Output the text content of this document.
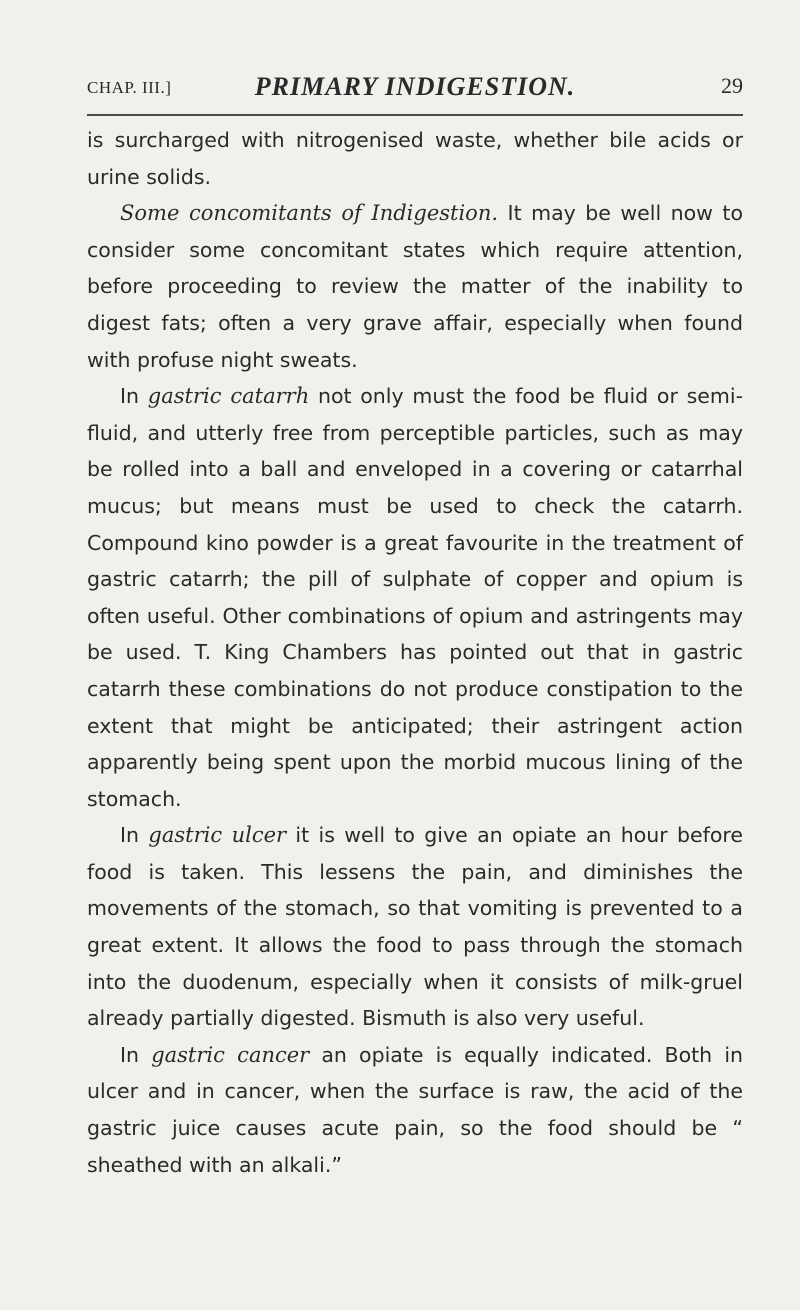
CHAP. III.]	PRIMARY INDIGESTION.	29

is surcharged with nitrogenised waste, whether bile acids or urine solids.

Some concomitants of Indigestion. It may be well now to consider some concomitant states which require attention, before proceeding to review the matter of the inability to digest fats; often a very grave affair, especially when found with profuse night sweats.

In gastric catarrh not only must the food be fluid or semi-fluid, and utterly free from perceptible particles, such as may be rolled into a ball and enveloped in a covering or catarrhal mucus; but means must be used to check the catarrh. Compound kino powder is a great favourite in the treatment of gastric catarrh; the pill of sulphate of copper and opium is often useful. Other combinations of opium and astringents may be used. T. King Chambers has pointed out that in gastric catarrh these combinations do not produce constipation to the extent that might be anticipated; their astringent action apparently being spent upon the morbid mucous lining of the stomach.

In gastric ulcer it is well to give an opiate an hour before food is taken. This lessens the pain, and diminishes the movements of the stomach, so that vomiting is prevented to a great extent. It allows the food to pass through the stomach into the duodenum, especially when it consists of milk-gruel already partially digested. Bismuth is also very useful.

In gastric cancer an opiate is equally indicated. Both in ulcer and in cancer, when the surface is raw, the acid of the gastric juice causes acute pain, so the food should be “ sheathed with an alkali.”
